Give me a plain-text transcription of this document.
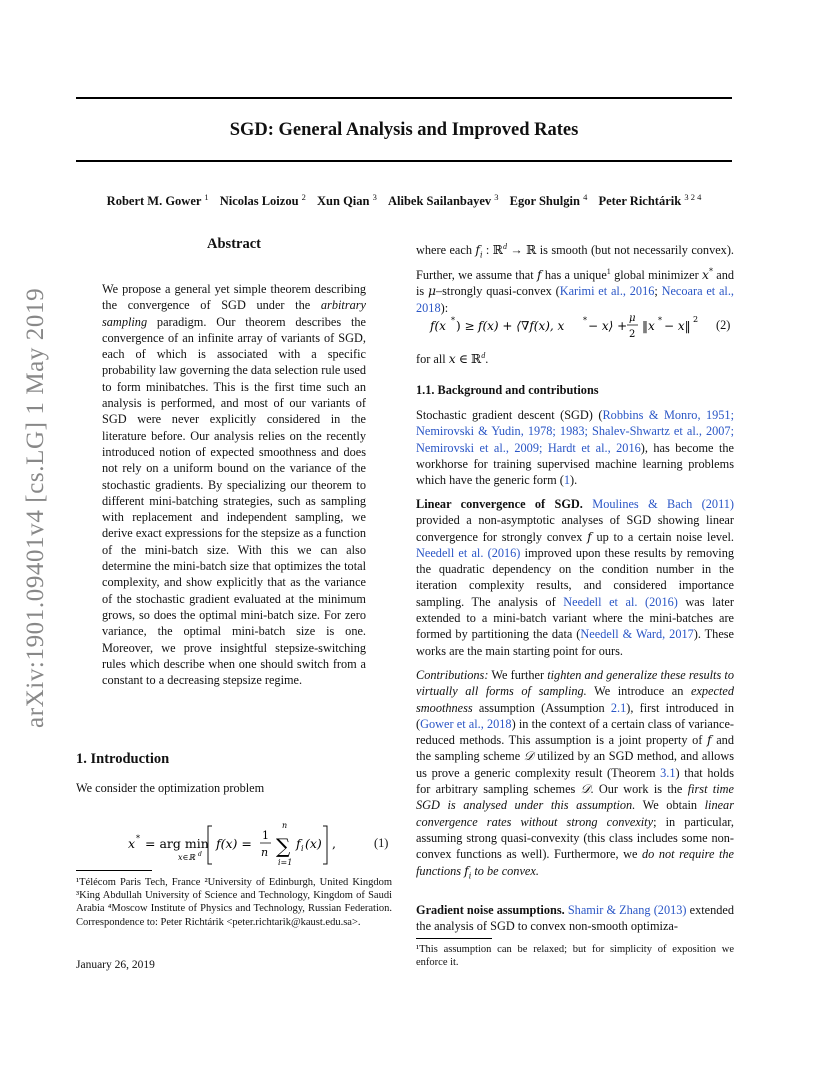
SGD: General Analysis and Improved Rates
Robert M. Gower $^1$ Nicolas Loizou $^2$ Xun Qian $^3$ Alibek Sailanbayev $^3$ Egor Shulgin $^4$ Peter Richtárik $^{3 2 4}$
arXiv:1901.09401v4 [cs.LG] 1 May 2019
Abstract
We propose a general yet simple theorem describing the convergence of SGD under the arbitrary sampling paradigm. Our theorem describes the convergence of an infinite array of variants of SGD, each of which is associated with a specific probability law governing the data selection rule used to form minibatches. This is the first time such an analysis is performed, and most of our variants of SGD were never explicitly considered in the literature before. Our analysis relies on the recently introduced notion of expected smoothness and does not rely on a uniform bound on the variance of the stochastic gradients. By specializing our theorem to different mini-batching strategies, such as sampling with replacement and independent sampling, we derive exact expressions for the stepsize as a function of the mini-batch size. With this we can also determine the mini-batch size that optimizes the total complexity, and show explicitly that as the variance of the stochastic gradient evaluated at the minimum grows, so does the optimal mini-batch size. For zero variance, the optimal mini-batch size is one. Moreover, we prove insightful stepsize-switching rules which describe when one should switch from a constant to a decreasing stepsize regime.
1. Introduction
We consider the optimization problem
x * = arg min
x∈ℝ d
f(x) =
1
n
n
∑
i=1
f i (x) ,	(1)
¹Télécom Paris Tech, France ²University of Edinburgh, United Kingdom ³King Abdullah University of Science and Technology, Kingdom of Saudi Arabia ⁴Moscow Institute of Physics and Technology, Russian Federation. Correspondence to: Peter Richtárik <peter.richtarik@kaust.edu.sa>.
January 26, 2019
where each $f_i$ : ℝ$^d$ → ℝ is smooth (but not necessarily convex). Further, we assume that f has a unique$^1$ global minimizer x* and is μ–strongly quasi-convex (Karimi et al., 2016; Necoara et al., 2018):
f(x * ) ≥ f(x) + ⟨∇f(x), x * − x⟩ +
μ
2
‖x * − x‖ 2 (2)
for all x ∈ ℝ$^d$.
1.1. Background and contributions
Stochastic gradient descent (SGD) (Robbins & Monro, 1951; Nemirovski & Yudin, 1978; 1983; Shalev-Shwartz et al., 2007; Nemirovski et al., 2009; Hardt et al., 2016), has become the workhorse for training supervised machine learning problems which have the generic form (1).
Linear convergence of SGD. Moulines & Bach (2011) provided a non-asymptotic analyses of SGD showing linear convergence for strongly convex f up to a certain noise level. Needell et al. (2016) improved upon these results by removing the quadratic dependency on the condition number in the iteration complexity results, and considered importance sampling. The analysis of Needell et al. (2016) was later extended to a mini-batch variant where the mini-batches are formed by partitioning the data (Needell & Ward, 2017). These works are the main starting point for ours.
Contributions: We further tighten and generalize these results to virtually all forms of sampling. We introduce an expected smoothness assumption (Assumption 2.1), first introduced in (Gower et al., 2018) in the context of a certain class of variance-reduced methods. This assumption is a joint property of f and the sampling scheme 𝒟 utilized by an SGD method, and allows us prove a generic complexity result (Theorem 3.1) that holds for arbitrary sampling schemes 𝒟. Our work is the first time SGD is analysed under this assumption. We obtain linear convergence rates without strong convexity; in particular, assuming strong quasi-convexity (this class includes some non-convex functions as well). Furthermore, we do not require the functions $f_i$ to be convex.
Gradient noise assumptions. Shamir & Zhang (2013) extended the analysis of SGD to convex non-smooth optimiza-
¹This assumption can be relaxed; but for simplicity of exposition we enforce it.
